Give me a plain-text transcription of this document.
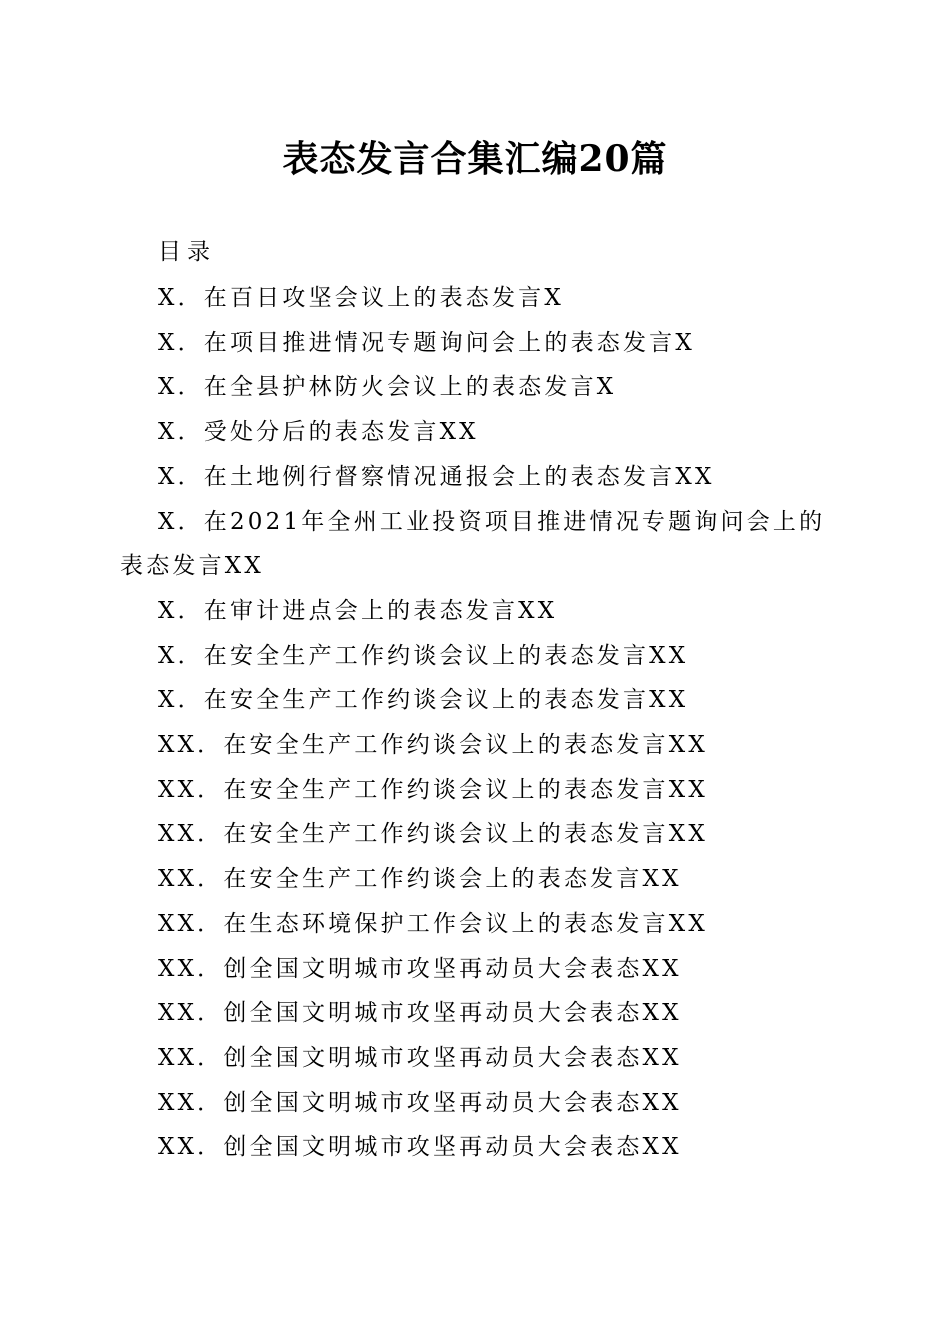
表态发言合集汇编20篇
目录
X．在百日攻坚会议上的表态发言X
X．在项目推进情况专题询问会上的表态发言X
X．在全县护林防火会议上的表态发言X
X．受处分后的表态发言XX
X．在土地例行督察情况通报会上的表态发言XX
X．在2021年全州工业投资项目推进情况专题询问会上的表态发言XX
X．在审计进点会上的表态发言XX
X．在安全生产工作约谈会议上的表态发言XX
X．在安全生产工作约谈会议上的表态发言XX
XX．在安全生产工作约谈会议上的表态发言XX
XX．在安全生产工作约谈会议上的表态发言XX
XX．在安全生产工作约谈会议上的表态发言XX
XX．在安全生产工作约谈会上的表态发言XX
XX．在生态环境保护工作会议上的表态发言XX
XX．创全国文明城市攻坚再动员大会表态XX
XX．创全国文明城市攻坚再动员大会表态XX
XX．创全国文明城市攻坚再动员大会表态XX
XX．创全国文明城市攻坚再动员大会表态XX
XX．创全国文明城市攻坚再动员大会表态XX
